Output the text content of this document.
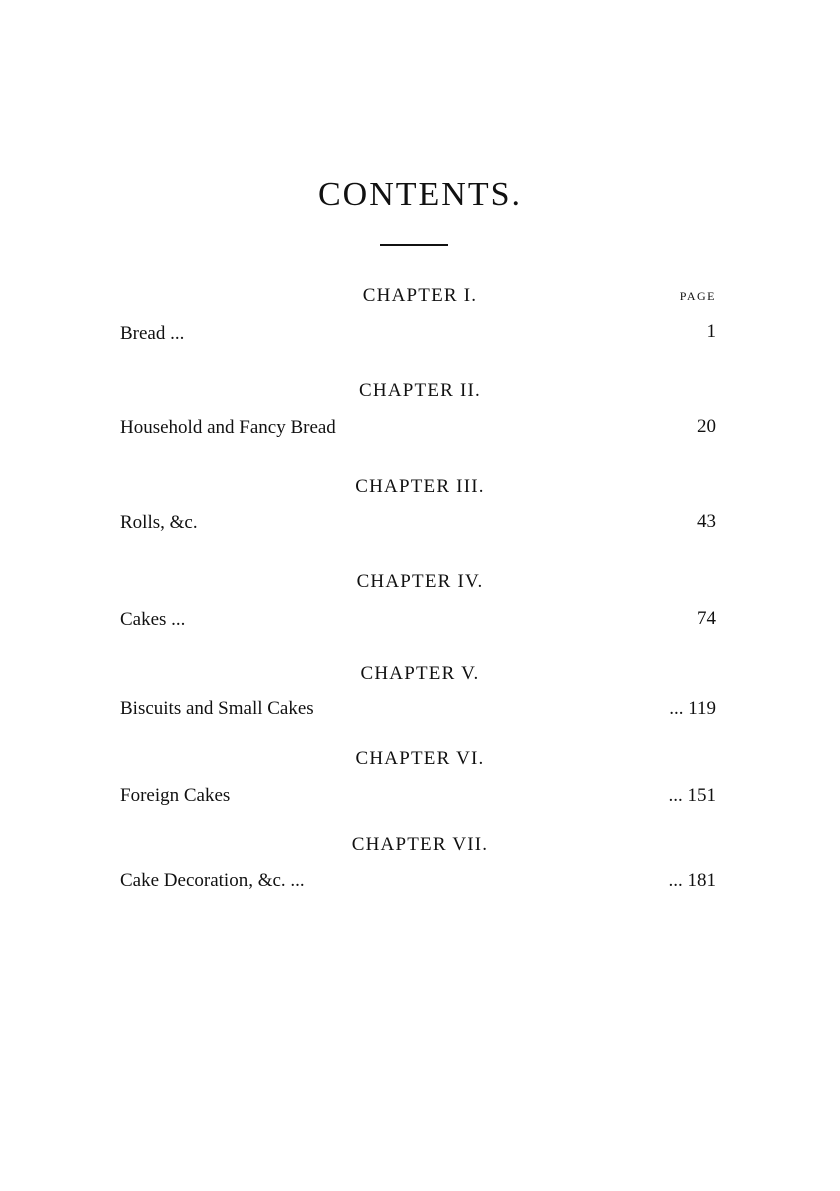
CONTENTS.
PAGE
CHAPTER I.
Bread ...	1
CHAPTER II.
Household and Fancy Bread	20
CHAPTER III.
Rolls, &c.	43
CHAPTER IV.
Cakes ...	74
CHAPTER V.
Biscuits and Small Cakes	... 119
CHAPTER VI.
Foreign Cakes	... 151
CHAPTER VII.
Cake Decoration, &c. ...	... 181
